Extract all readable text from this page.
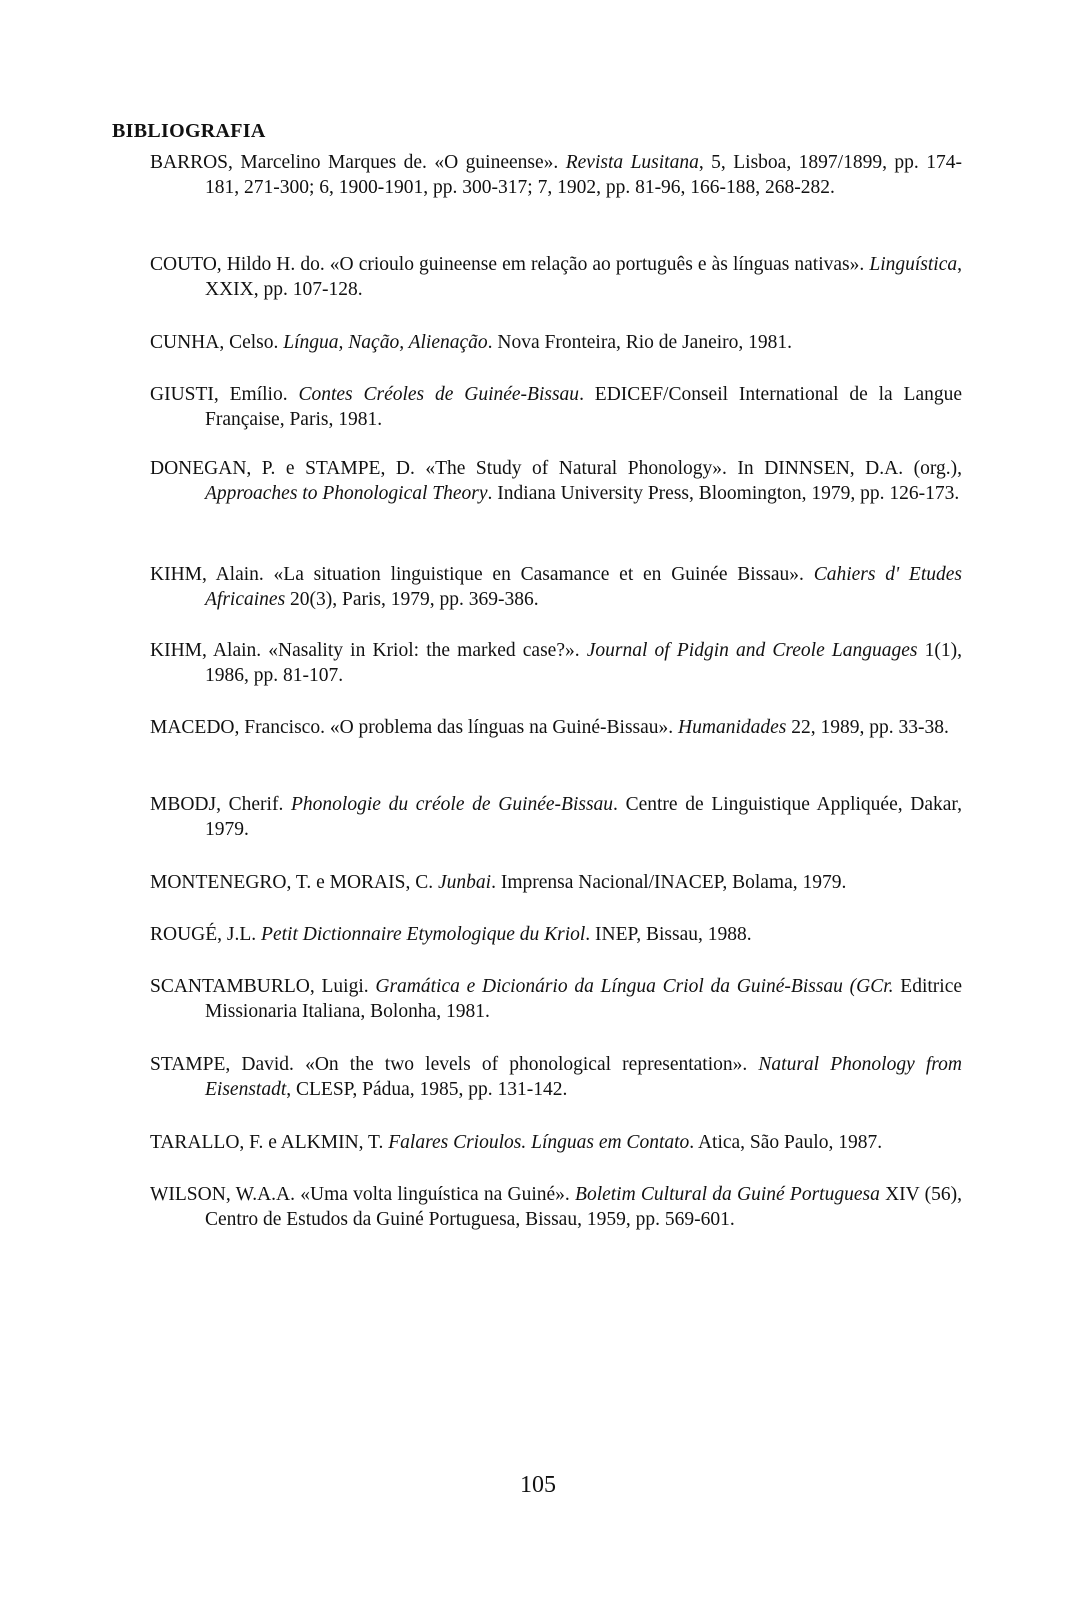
BIBLIOGRAFIA
BARROS, Marcelino Marques de. «O guineense». Revista Lusitana, 5, Lisboa, 1897/1899, pp. 174-181, 271-300; 6, 1900-1901, pp. 300-317; 7, 1902, pp. 81-96, 166-188, 268-282.
COUTO, Hildo H. do. «O crioulo guineense em relação ao português e às línguas nativas». Linguística, XXIX, pp. 107-128.
CUNHA, Celso. Língua, Nação, Alienação. Nova Fronteira, Rio de Janeiro, 1981.
GIUSTI, Emílio. Contes Créoles de Guinée-Bissau. EDICEF/Conseil International de la Langue Française, Paris, 1981.
DONEGAN, P. e STAMPE, D. «The Study of Natural Phonology». In DINNSEN, D.A. (org.), Approaches to Phonological Theory. Indiana University Press, Bloomington, 1979, pp. 126-173.
KIHM, Alain. «La situation linguistique en Casamance et en Guinée Bissau». Cahiers d' Etudes Africaines 20(3), Paris, 1979, pp. 369-386.
KIHM, Alain. «Nasality in Kriol: the marked case?». Journal of Pidgin and Creole Languages 1(1), 1986, pp. 81-107.
MACEDO, Francisco. «O problema das línguas na Guiné-Bissau». Humanidades 22, 1989, pp. 33-38.
MBODJ, Cherif. Phonologie du créole de Guinée-Bissau. Centre de Linguistique Appliquée, Dakar, 1979.
MONTENEGRO, T. e MORAIS, C. Junbai. Imprensa Nacional/INACEP, Bolama, 1979.
ROUGÉ, J.L. Petit Dictionnaire Etymologique du Kriol. INEP, Bissau, 1988.
SCANTAMBURLO, Luigi. Gramática e Dicionário da Língua Criol da Guiné-Bissau (GCr. Editrice Missionaria Italiana, Bolonha, 1981.
STAMPE, David. «On the two levels of phonological representation». Natural Phonology from Eisenstadt, CLESP, Pádua, 1985, pp. 131-142.
TARALLO, F. e ALKMIN, T. Falares Crioulos. Línguas em Contato. Atica, São Paulo, 1987.
WILSON, W.A.A. «Uma volta linguística na Guiné». Boletim Cultural da Guiné Portuguesa XIV (56), Centro de Estudos da Guiné Portuguesa, Bissau, 1959, pp. 569-601.
105
